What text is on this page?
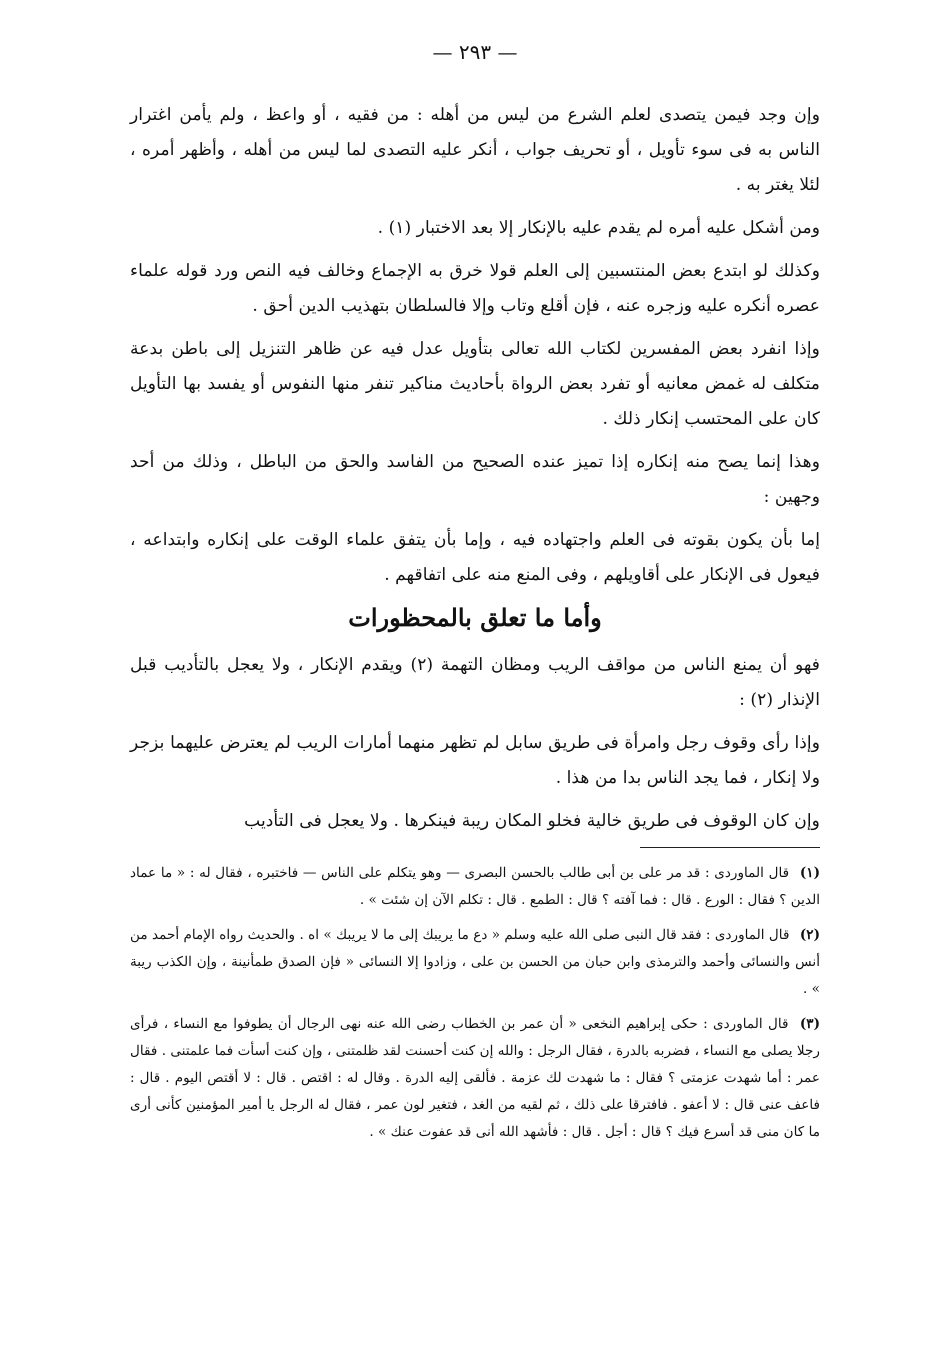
— ٢٩٣ —

وإن وجد فيمن يتصدى لعلم الشرع من ليس من أهله : من فقيه ، أو واعظ ، ولم يأمن اغترار الناس به فى سوء تأويل ، أو تحريف جواب ، أنكر عليه التصدى لما ليس من أهله ، وأظهر أمره ، لئلا يغتر به .

ومن أشكل عليه أمره لم يقدم عليه بالإنكار إلا بعد الاختبار (١) .

وكذلك لو ابتدع بعض المنتسبين إلى العلم قولا خرق به الإجماع وخالف فيه النص ورد قوله علماء عصره أنكره عليه وزجره عنه ، فإن أقلع وتاب وإلا فالسلطان بتهذيب الدين أحق .

وإذا انفرد بعض المفسرين لكتاب الله تعالى بتأويل عدل فيه عن ظاهر التنزيل إلى باطن بدعة متكلف له غمض معانيه أو تفرد بعض الرواة بأحاديث مناكير تنفر منها النفوس أو يفسد بها التأويل كان على المحتسب إنكار ذلك .

وهذا إنما يصح منه إنكاره إذا تميز عنده الصحيح من الفاسد والحق من الباطل ، وذلك من أحد وجهين :

إما بأن يكون بقوته فى العلم واجتهاده فيه ، وإما بأن يتفق علماء الوقت على إنكاره وابتداعه ، فيعول فى الإنكار على أقاويلهم ، وفى المنع منه على اتفاقهم .

وأما ما تعلق بالمحظورات

فهو أن يمنع الناس من مواقف الريب ومظان التهمة (٢) ويقدم الإنكار ، ولا يعجل بالتأديب قبل الإنذار (٢) :

وإذا رأى وقوف رجل وامرأة فى طريق سابل لم تظهر منهما أمارات الريب لم يعترض عليهما بزجر ولا إنكار ، فما يجد الناس بدا من هذا .

وإن كان الوقوف فى طريق خالية فخلو المكان ريبة فينكرها . ولا يعجل فى التأديب

(١) قال الماوردى : قد مر على بن أبى طالب بالحسن البصرى — وهو يتكلم على الناس — فاختبره ، فقال له : « ما عماد الدين ؟ فقال : الورع . قال : فما آفته ؟ قال : الطمع . قال : تكلم الآن إن شئت » .

(٢) قال الماوردى : فقد قال النبى صلى الله عليه وسلم « دع ما يريبك إلى ما لا يريبك » اه . والحديث رواه الإمام أحمد من أنس والنسائى وأحمد والترمذى وابن حبان من الحسن بن على ، وزادوا إلا النسائى « فإن الصدق طمأنينة ، وإن الكذب ريبة » .

(٣) قال الماوردى : حكى إبراهيم النخعى « أن عمر بن الخطاب رضى الله عنه نهى الرجال أن يطوفوا مع النساء ، فرأى رجلا يصلى مع النساء ، فضربه بالدرة ، فقال الرجل : والله إن كنت أحسنت لقد ظلمتنى ، وإن كنت أسأت فما علمتنى . فقال عمر : أما شهدت عزمتى ؟ فقال : ما شهدت لك عزمة . فألقى إليه الدرة . وقال له : اقتص . قال : لا أقتص اليوم . قال : فاعف عنى قال : لا أعفو . فافترقا على ذلك ، ثم لقيه من الغد ، فتغير لون عمر ، فقال له الرجل يا أمير المؤمنين كأنى أرى ما كان منى قد أسرع فيك ؟ قال : أجل . قال : فأشهد الله أنى قد عفوت عنك » .
